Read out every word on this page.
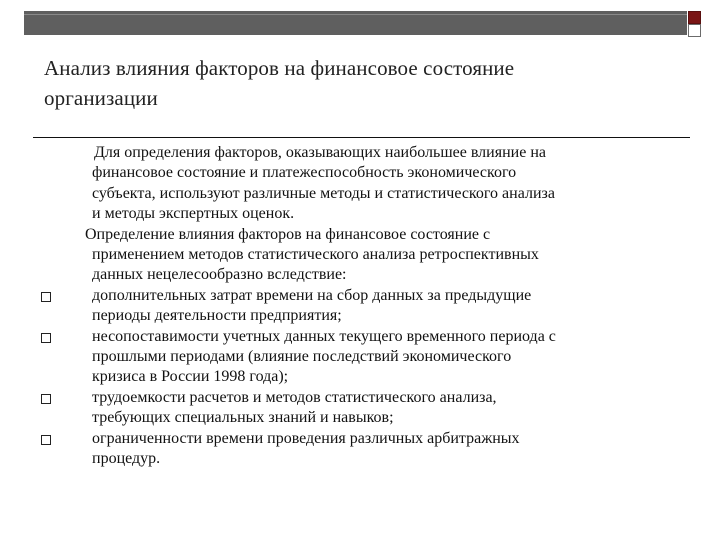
Анализ влияния факторов на финансовое состояние
организации
Для определения факторов, оказывающих наибольшее влияние на
финансовое состояние и платежеспособность экономического
субъекта, используют различные методы и статистического анализа
и методы экспертных оценок.
Определение влияния факторов на финансовое состояние с
применением методов статистического анализа ретроспективных
данных нецелесообразно вследствие:
дополнительных затрат времени на сбор данных за предыдущие
периоды деятельности предприятия;
несопоставимости учетных данных текущего временного периода с
прошлыми периодами (влияние последствий экономического
кризиса в России 1998 года);
трудоемкости расчетов и методов статистического анализа,
требующих специальных знаний и навыков;
ограниченности времени проведения различных арбитражных
процедур.
